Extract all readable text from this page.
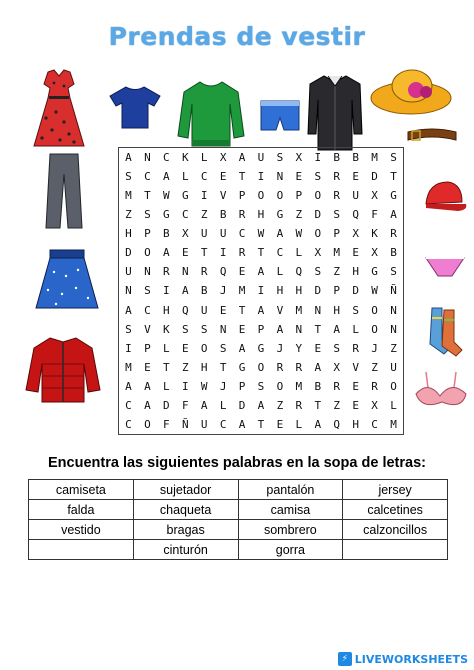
Prendas de vestir
A	N	C	K	L	X	A	U	S	X	I	B	B	M	S
S	C	A	L	C	E	T	I	N	E	S	R	E	D	T
M	T	W	G	I	V	P	O	O	P	O	R	U	X	G
Z	S	G	C	Z	B	R	H	G	Z	D	S	Q	F	A
H	P	B	X	U	U	C	W	A	W	O	P	X	K	R
D	O	A	E	T	I	R	T	C	L	X	M	E	X	B
U	N	R	N	R	Q	E	A	L	Q	S	Z	H	G	S
N	S	I	A	B	J	M	I	H	H	D	P	D	W	Ñ
A	C	H	Q	U	E	T	A	V	M	N	H	S	O	N
S	V	K	S	S	N	E	P	A	N	T	A	L	O	N
I	P	L	E	O	S	A	G	J	Y	E	S	R	J	Z
M	E	T	Z	H	T	G	O	R	R	A	X	V	Z	U
A	A	L	I	W	J	P	S	O	M	B	R	E	R	O
C	A	D	F	A	L	D	A	Z	R	T	Z	E	X	L
C	O	F	Ñ	U	C	A	T	E	L	A	Q	H	C	M
Encuentra las siguientes palabras en la sopa de letras:
camiseta	sujetador	pantalón	jersey
falda	chaqueta	camisa	calcetines
vestido	bragas	sombrero	calzoncillos
	cinturón	gorra	
⚡ LIVEWORKSHEETS
